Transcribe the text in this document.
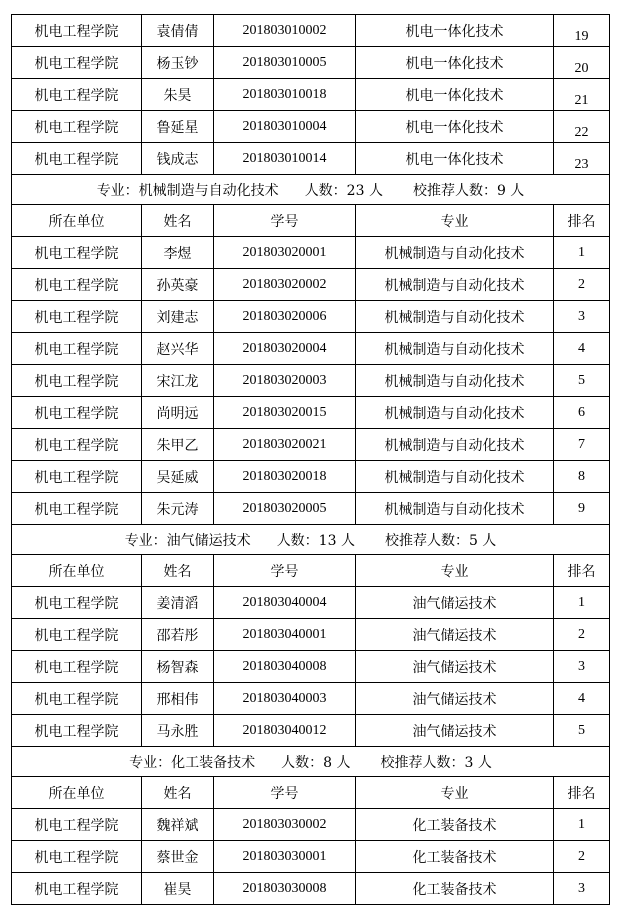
机电工程学院	袁倩倩	201803010002	机电一体化技术	19
机电工程学院	杨玉钞	201803010005	机电一体化技术	20
机电工程学院	朱昊	201803010018	机电一体化技术	21
机电工程学院	鲁延星	201803010004	机电一体化技术	22
机电工程学院	钱成志	201803010014	机电一体化技术	23
专业：机械制造与自动化技术 人数：23 人 校推荐人数：9 人				
所在单位	姓名	学号	专业	排名
机电工程学院	李煜	201803020001	机械制造与自动化技术	1
机电工程学院	孙英豪	201803020002	机械制造与自动化技术	2
机电工程学院	刘建志	201803020006	机械制造与自动化技术	3
机电工程学院	赵兴华	201803020004	机械制造与自动化技术	4
机电工程学院	宋江龙	201803020003	机械制造与自动化技术	5
机电工程学院	尚明远	201803020015	机械制造与自动化技术	6
机电工程学院	朱甲乙	201803020021	机械制造与自动化技术	7
机电工程学院	吴延威	201803020018	机械制造与自动化技术	8
机电工程学院	朱元涛	201803020005	机械制造与自动化技术	9
专业：油气储运技术 人数：13 人 校推荐人数：5 人				
所在单位	姓名	学号	专业	排名
机电工程学院	姜清滔	201803040004	油气储运技术	1
机电工程学院	邵若彤	201803040001	油气储运技术	2
机电工程学院	杨智森	201803040008	油气储运技术	3
机电工程学院	邢相伟	201803040003	油气储运技术	4
机电工程学院	马永胜	201803040012	油气储运技术	5
专业：化工装备技术 人数：8 人 校推荐人数：3 人				
所在单位	姓名	学号	专业	排名
机电工程学院	魏祥斌	201803030002	化工装备技术	1
机电工程学院	蔡世金	201803030001	化工装备技术	2
机电工程学院	崔昊	201803030008	化工装备技术	3
